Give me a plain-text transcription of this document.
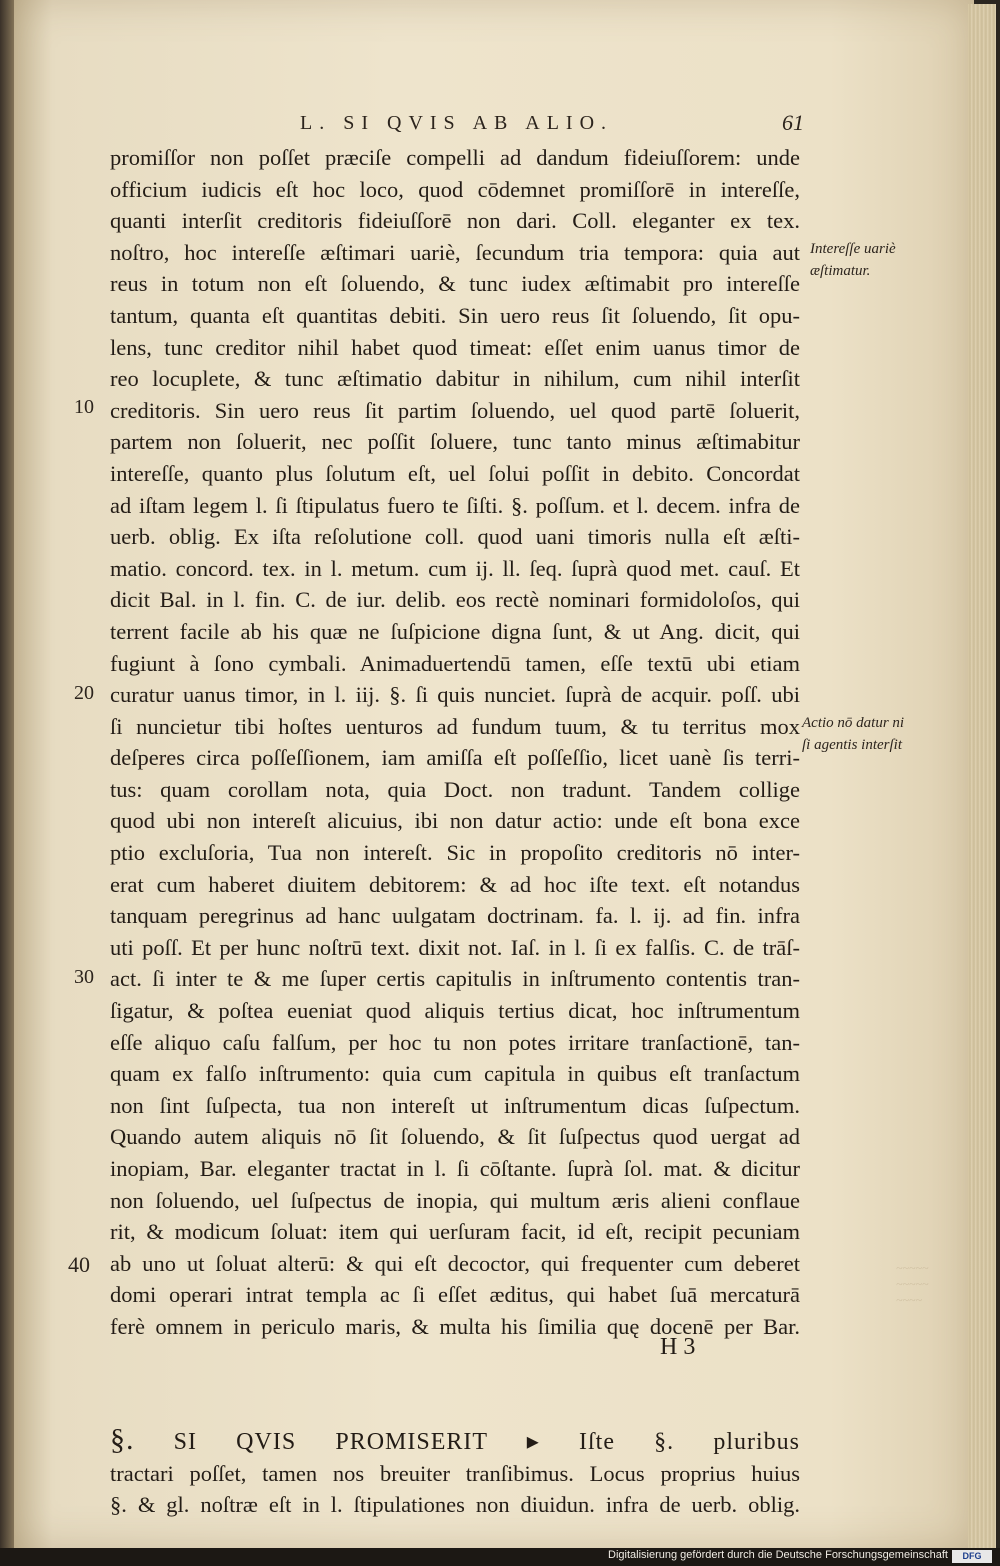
L. SI QVIS AB ALIO.	61
~~~~~
~~~~~
~~~~
promiſſor non poſſet præciſe compelli ad dandum fideiuſſorem: unde
officium iudicis eſt hoc loco, quod cōdemnet promiſſorē in intereſſe,
quanti interſit creditoris fideiuſſorē non dari. Coll. eleganter ex tex.
noſtro, hoc intereſſe æſtimari uariè, ſecundum tria tempora: quia aut
reus in totum non eſt ſoluendo, & tunc iudex æſtimabit pro intereſſe
tantum, quanta eſt quantitas debiti. Sin uero reus ſit ſoluendo, ſit opu-
lens, tunc creditor nihil habet quod timeat: eſſet enim uanus timor de
reo locuplete, & tunc æſtimatio dabitur in nihilum, cum nihil interſit
creditoris. Sin uero reus ſit partim ſoluendo, uel quod partē ſoluerit,
partem non ſoluerit, nec poſſit ſoluere, tunc tanto minus æſtimabitur
intereſſe, quanto plus ſolutum eſt, uel ſolui poſſit in debito. Concordat
ad iſtam legem l. ſi ſtipulatus fuero te ſiſti. §. poſſum. et l. decem. infra de
uerb. oblig. Ex iſta reſolutione coll. quod uani timoris nulla eſt æſti-
matio. concord. tex. in l. metum. cum ij. ll. ſeq. ſuprà quod met. cauſ. Et
dicit Bal. in l. fin. C. de iur. delib. eos rectè nominari formidoloſos, qui
terrent facile ab his quæ ne ſuſpicione digna ſunt, & ut Ang. dicit, qui
fugiunt à ſono cymbali. Animaduertendū tamen, eſſe textū ubi etiam
curatur uanus timor, in l. iij. §. ſi quis nunciet. ſuprà de acquir. poſſ. ubi
ſi nuncietur tibi hoſtes uenturos ad fundum tuum, & tu territus mox
deſperes circa poſſeſſionem, iam amiſſa eſt poſſeſſio, licet uanè ſis terri-
tus: quam corollam nota, quia Doct. non tradunt. Tandem collige
quod ubi non intereſt alicuius, ibi non datur actio: unde eſt bona exce
ptio excluſoria, Tua non intereſt. Sic in propoſito creditoris nō inter-
erat cum haberet diuitem debitorem: & ad hoc iſte text. eſt notandus
tanquam peregrinus ad hanc uulgatam doctrinam. fa. l. ij. ad fin. infra
uti poſſ. Et per hunc noſtrū text. dixit not. Iaſ. in l. ſi ex falſis. C. de trāſ-
act. ſi inter te & me ſuper certis capitulis in inſtrumento contentis tran-
ſigatur, & poſtea eueniat quod aliquis tertius dicat, hoc inſtrumentum
eſſe aliquo caſu falſum, per hoc tu non potes irritare tranſactionē, tan-
quam ex falſo inſtrumento: quia cum capitula in quibus eſt tranſactum
non ſint ſuſpecta, tua non intereſt ut inſtrumentum dicas ſuſpectum.
Quando autem aliquis nō ſit ſoluendo, & ſit ſuſpectus quod uergat ad
inopiam, Bar. eleganter tractat in l. ſi cōſtante. ſuprà ſol. mat. & dicitur
non ſoluendo, uel ſuſpectus de inopia, qui multum æris alieni conflaue
rit, & modicum ſoluat: item qui uerſuram facit, id eſt, recipit pecuniam
ab uno ut ſoluat alterū: & qui eſt decoctor, qui frequenter cum deberet
domi operari intrat templa ac ſi eſſet æditus, qui habet ſuā mercaturā
ferè omnem in periculo maris, & multa his ſimilia quę docenē per Bar.
§. SI QVIS PROMISERIT ▸ Iſte §. pluribus
tractari poſſet, tamen nos breuiter tranſibimus. Locus proprius huius
§. & gl. noſtræ eſt in l. ſtipulationes non diuidun. infra de uerb. oblig.
10
20
30
40
Intereſſe uariè
æſtimatur.
Actio nō datur ni
ſi agentis interſit
H 3
Digitalisierung gefördert durch die Deutsche Forschungsgemeinschaft	DFG
